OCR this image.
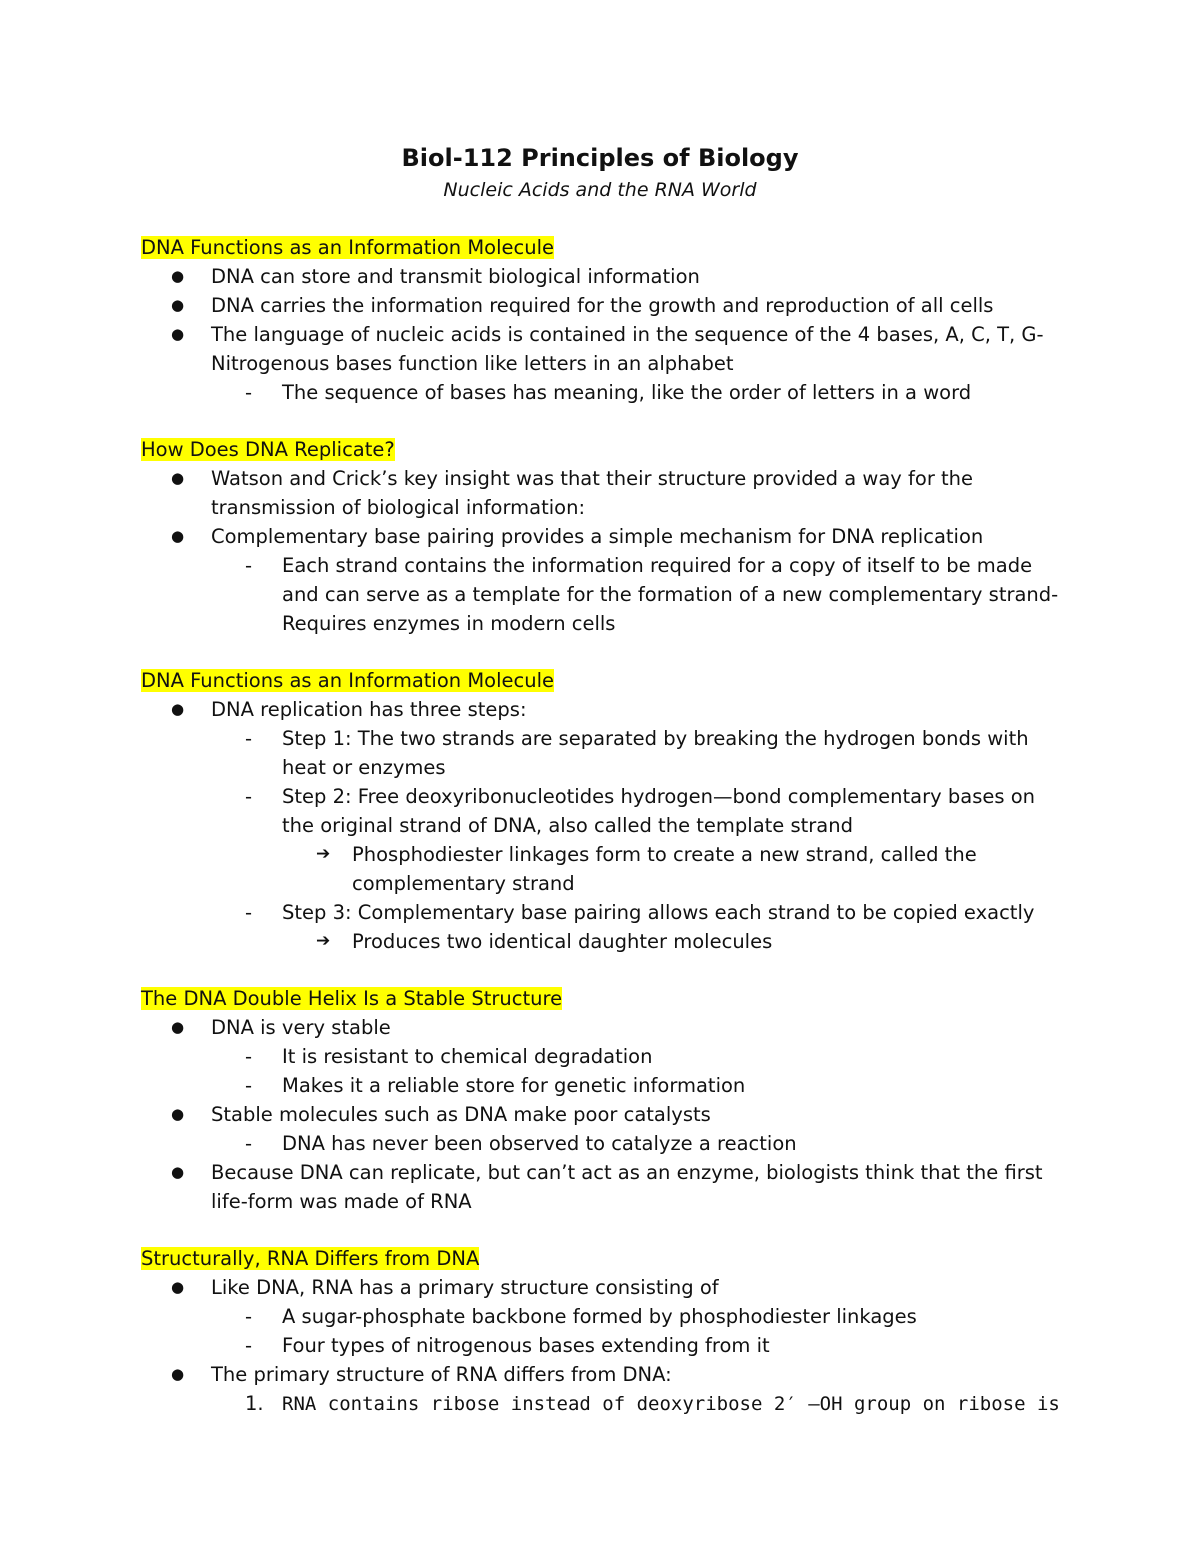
Biol-112 Principles of Biology
Nucleic Acids and the RNA World
DNA Functions as an Information Molecule
● DNA can store and transmit biological information
● DNA carries the information required for the growth and reproduction of all cells
● The language of nucleic acids is contained in the sequence of the 4 bases, A, C, T, G- Nitrogenous bases function like letters in an alphabet
- The sequence of bases has meaning, like the order of letters in a word
How Does DNA Replicate?
● Watson and Crick’s key insight was that their structure provided a way for the transmission of biological information:
● Complementary base pairing provides a simple mechanism for DNA replication
- Each strand contains the information required for a copy of itself to be made and can serve as a template for the formation of a new complementary strand- Requires enzymes in modern cells
DNA Functions as an Information Molecule
● DNA replication has three steps:
- Step 1: The two strands are separated by breaking the hydrogen bonds with heat or enzymes
- Step 2: Free deoxyribonucleotides hydrogen—bond complementary bases on the original strand of DNA, also called the template strand
➔ Phosphodiester linkages form to create a new strand, called the complementary strand
- Step 3: Complementary base pairing allows each strand to be copied exactly
➔ Produces two identical daughter molecules
The DNA Double Helix Is a Stable Structure
● DNA is very stable
- It is resistant to chemical degradation
- Makes it a reliable store for genetic information
● Stable molecules such as DNA make poor catalysts
- DNA has never been observed to catalyze a reaction
● Because DNA can replicate, but can’t act as an enzyme, biologists think that the first life-form was made of RNA
Structurally, RNA Differs from DNA
● Like DNA, RNA has a primary structure consisting of
- A sugar-phosphate backbone formed by phosphodiester linkages
- Four types of nitrogenous bases extending from it
● The primary structure of RNA differs from DNA:
1. RNA contains ribose instead of deoxyribose 2′ —OH group on ribose is
